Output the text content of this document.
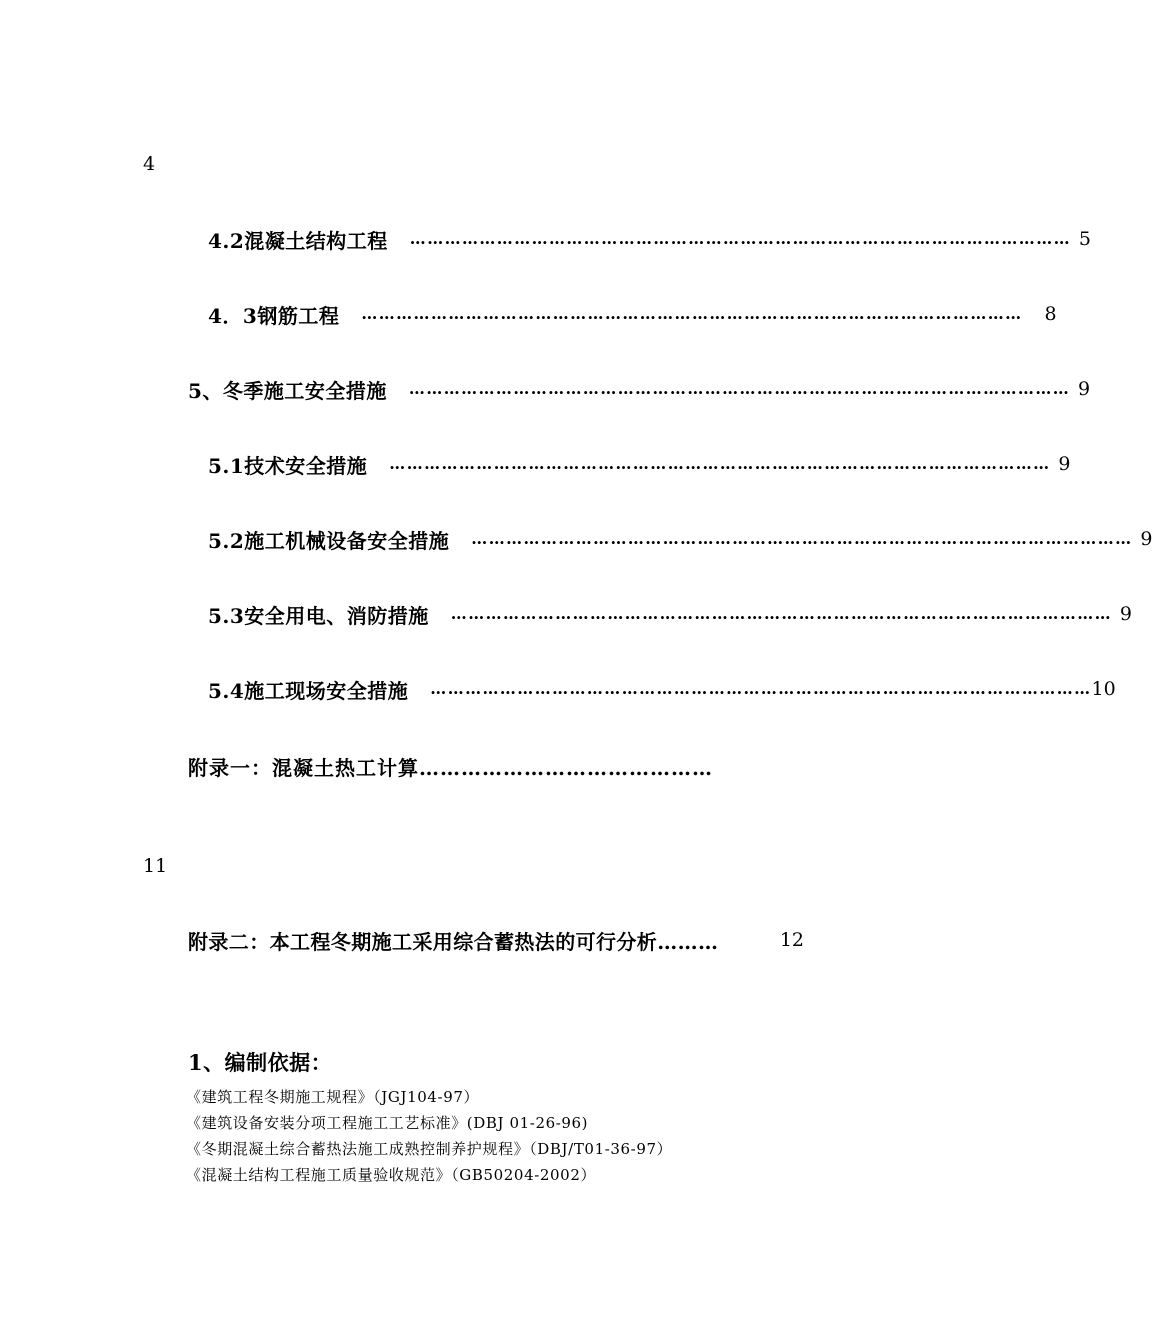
4
4.2混凝土结构工程 …………………………………………………………………………………………………… 5
4．3钢筋工程 …………………………………………………………………………………………………… 8
5、冬季施工安全措施 …………………………………………………………………………………………………… 9
5.1技术安全措施 …………………………………………………………………………………………………… 9
5.2施工机械设备安全措施 …………………………………………………………………………………………………… 9
5.3安全用电、消防措施 …………………………………………………………………………………………………… 9
5.4施工现场安全措施 …………………………………………………………………………………………………… 10
附录一：混凝土热工计算……………………………………
11
附录二：本工程冬期施工采用综合蓄热法的可行分析………	12
1、编制依据：
《建筑工程冬期施工规程》（JGJ104-97）
《建筑设备安装分项工程施工工艺标准》(DBJ 01-26-96)
《冬期混凝土综合蓄热法施工成熟控制养护规程》（DBJ/T01-36-97）
《混凝土结构工程施工质量验收规范》（GB50204-2002）
